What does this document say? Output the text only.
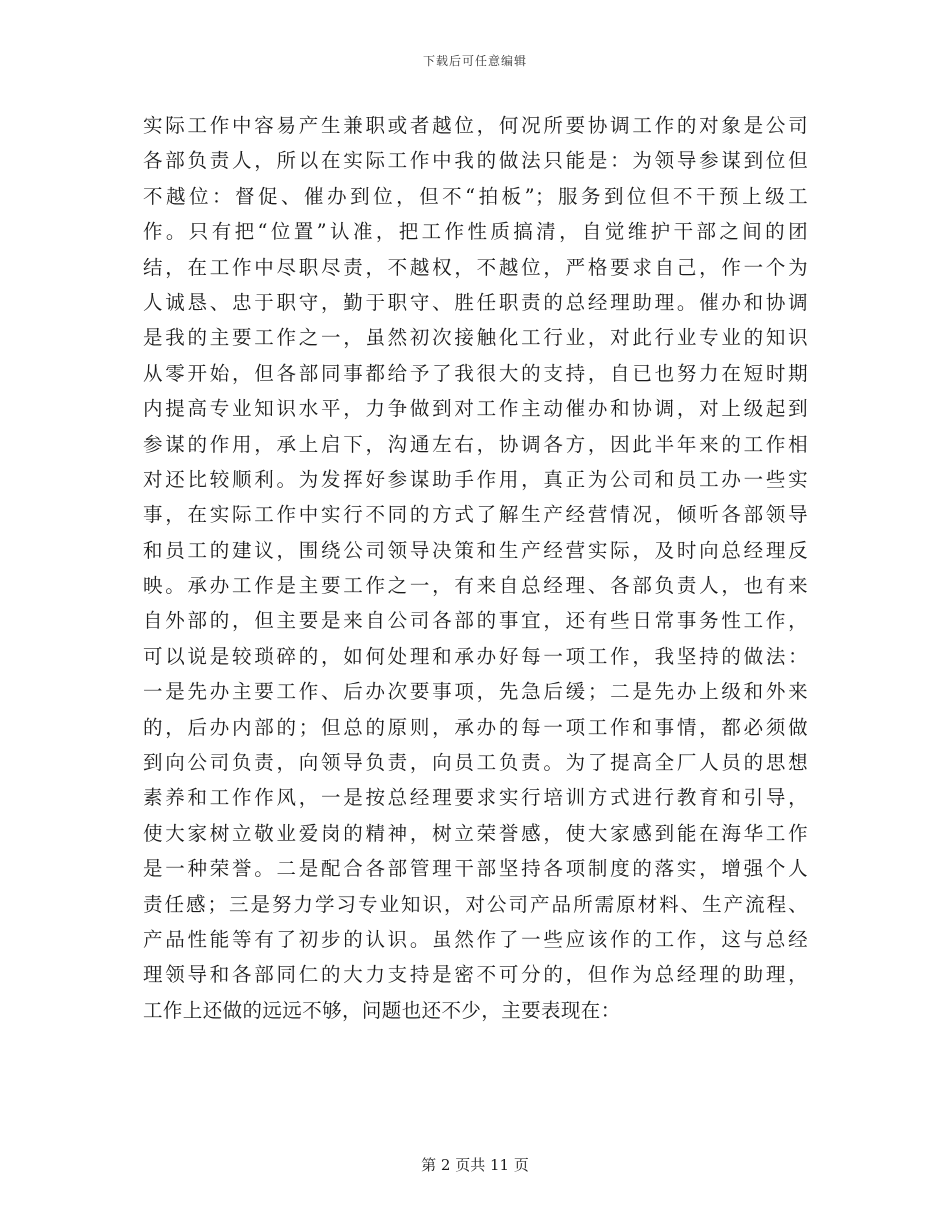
下载后可任意编辑
实际工作中容易产生兼职或者越位，何况所要协调工作的对象是公司
各部负责人，所以在实际工作中我的做法只能是：为领导参谋到位但
不越位：督促、催办到位，但不“拍板”；服务到位但不干预上级工
作。只有把“位置”认准，把工作性质搞清，自觉维护干部之间的团
结，在工作中尽职尽责，不越权，不越位，严格要求自己，作一个为
人诚恳、忠于职守，勤于职守、胜任职责的总经理助理。催办和协调
是我的主要工作之一，虽然初次接触化工行业，对此行业专业的知识
从零开始，但各部同事都给予了我很大的支持，自已也努力在短时期
内提高专业知识水平，力争做到对工作主动催办和协调，对上级起到
参谋的作用，承上启下，沟通左右，协调各方，因此半年来的工作相
对还比较顺利。为发挥好参谋助手作用，真正为公司和员工办一些实
事，在实际工作中实行不同的方式了解生产经营情况，倾听各部领导
和员工的建议，围绕公司领导决策和生产经营实际，及时向总经理反
映。承办工作是主要工作之一，有来自总经理、各部负责人，也有来
自外部的，但主要是来自公司各部的事宜，还有些日常事务性工作，
可以说是较琐碎的，如何处理和承办好每一项工作，我坚持的做法：
一是先办主要工作、后办次要事项，先急后缓；二是先办上级和外来
的，后办内部的；但总的原则，承办的每一项工作和事情，都必须做
到向公司负责，向领导负责，向员工负责。为了提高全厂人员的思想
素养和工作作风，一是按总经理要求实行培训方式进行教育和引导，
使大家树立敬业爱岗的精神，树立荣誉感，使大家感到能在海华工作
是一种荣誉。二是配合各部管理干部坚持各项制度的落实，增强个人
责任感；三是努力学习专业知识，对公司产品所需原材料、生产流程、
产品性能等有了初步的认识。虽然作了一些应该作的工作，这与总经
理领导和各部同仁的大力支持是密不可分的，但作为总经理的助理，
工作上还做的远远不够，问题也还不少，主要表现在：
第 2 页共 11 页
